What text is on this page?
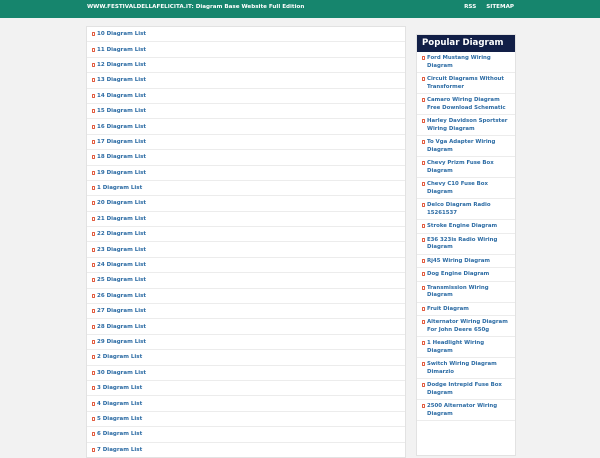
WWW.FESTIVALDELLAFELICITA.IT: Diagram Base Website Full Edition	RSS SITEMAP
10 Diagram List
11 Diagram List
12 Diagram List
13 Diagram List
14 Diagram List
15 Diagram List
16 Diagram List
17 Diagram List
18 Diagram List
19 Diagram List
1 Diagram List
20 Diagram List
21 Diagram List
22 Diagram List
23 Diagram List
24 Diagram List
25 Diagram List
26 Diagram List
27 Diagram List
28 Diagram List
29 Diagram List
2 Diagram List
30 Diagram List
3 Diagram List
4 Diagram List
5 Diagram List
6 Diagram List
7 Diagram List
Popular Diagram
Ford Mustang Wiring Diagram
Circuit Diagrams Without Transformer
Camaro Wiring Diagram Free Download Schematic
Harley Davidson Sportster Wiring Diagram
To Vga Adapter Wiring Diagram
Chevy Prizm Fuse Box Diagram
Chevy C10 Fuse Box Diagram
Delco Diagram Radio 15261537
Stroke Engine Diagram
E36 323is Radio Wiring Diagram
Rj45 Wiring Diagram
Dog Engine Diagram
Transmission Wiring Diagram
Fruit Diagram
Alternator Wiring Diagram For John Deere 650g
1 Headlight Wiring Diagram
Switch Wiring Diagram Dimarzio
Dodge Intrepid Fuse Box Diagram
2500 Alternator Wiring Diagram
